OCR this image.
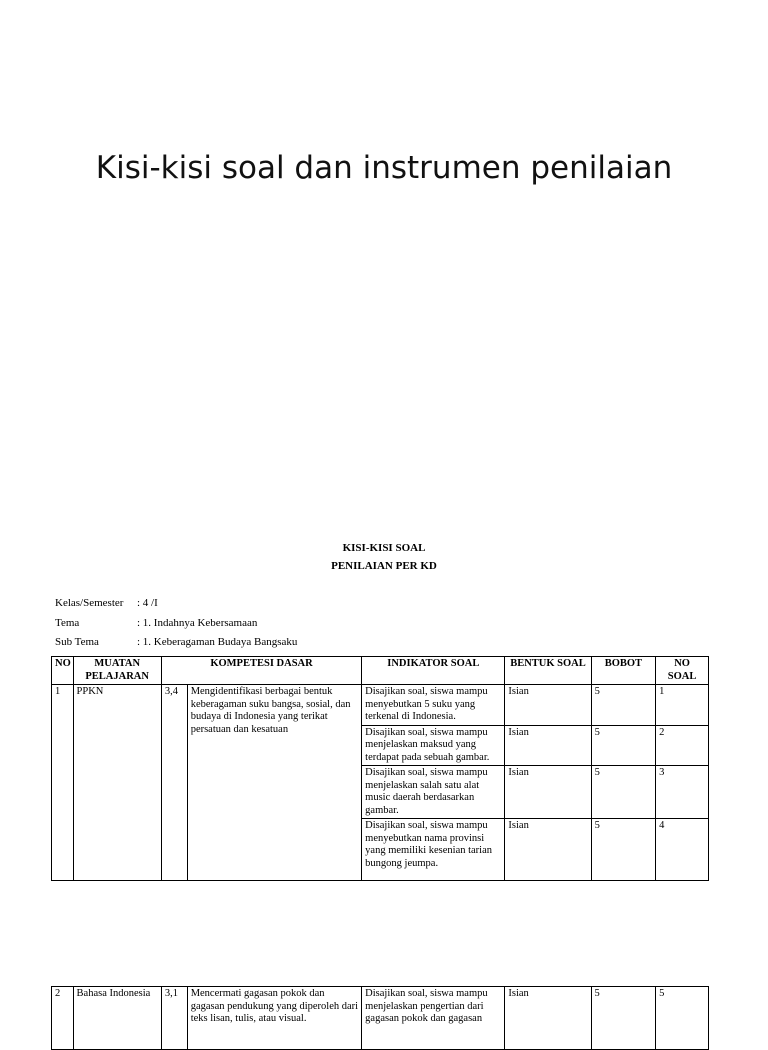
Kisi-kisi soal dan instrumen penilaian
KISI-KISI SOAL
PENILAIAN PER KD
Kelas/Semester : 4 /I
Tema	: 1. Indahnya Kebersamaan
Sub Tema	: 1. Keberagaman Budaya Bangsaku
NO	MUATAN PELAJARAN	KOMPETESI DASAR		INDIKATOR SOAL	BENTUK SOAL	BOBOT	NO SOAL
1	PPKN	3,4	Mengidentifikasi berbagai bentuk keberagaman suku bangsa, sosial, dan budaya di Indonesia yang terikat persatuan dan kesatuan	Disajikan soal, siswa mampu menyebutkan 5 suku yang terkenal di Indonesia.	Isian	5	1
				Disajikan soal, siswa mampu menjelaskan maksud yang terdapat pada sebuah gambar.	Isian	5	2
				Disajikan soal, siswa mampu menjelaskan salah satu alat music daerah berdasarkan gambar.	Isian	5	3
				Disajikan soal, siswa mampu menyebutkan nama provinsi yang memiliki kesenian tarian bungong jeumpa.	Isian	5	4
2	Bahasa Indonesia	3,1	Mencermati gagasan pokok dan gagasan pendukung yang diperoleh dari teks lisan, tulis, atau visual.	Disajikan soal, siswa mampu menjelaskan pengertian dari gagasan pokok dan gagasan	Isian	5	5
